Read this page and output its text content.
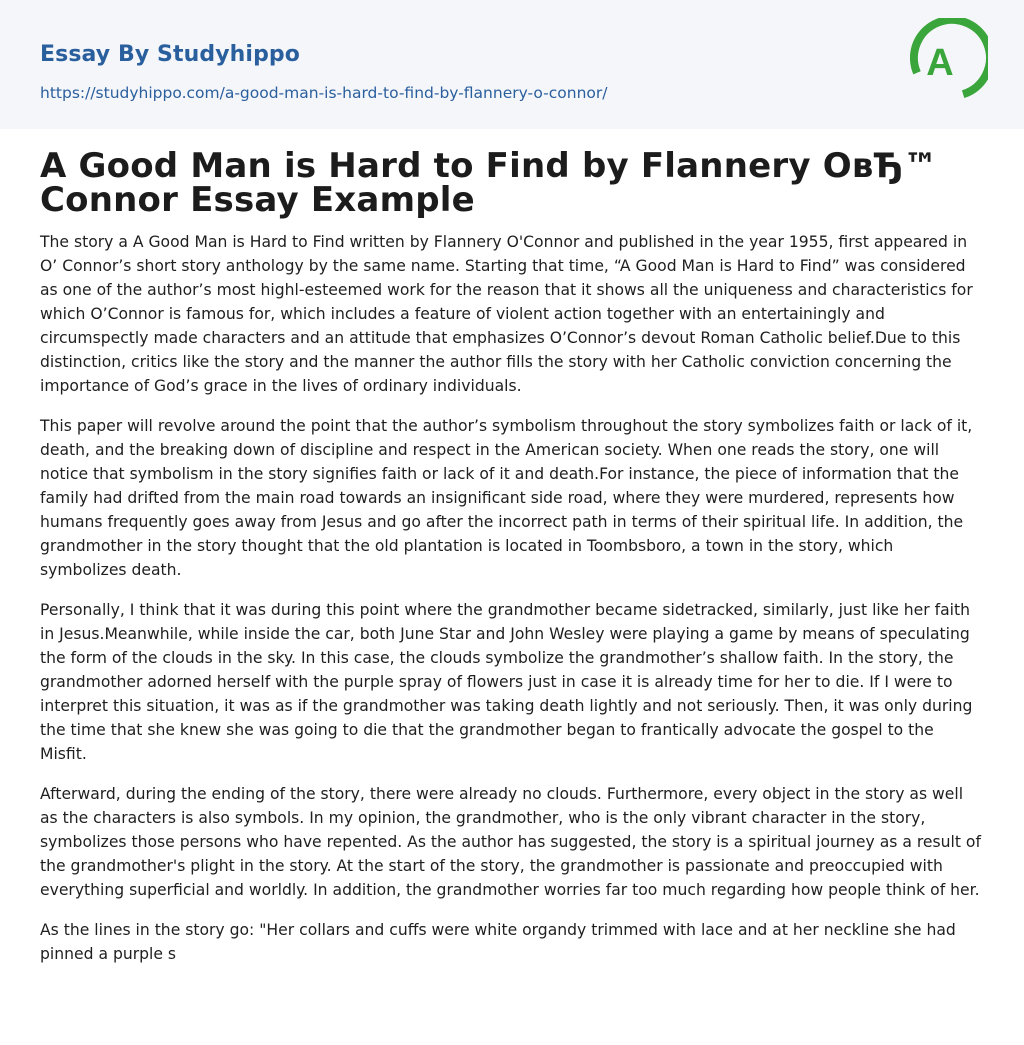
Essay By Studyhippo
https://studyhippo.com/a-good-man-is-hard-to-find-by-flannery-o-connor/
A
A Good Man is Hard to Find by Flannery OвЂ™ Connor Essay Example

The story a A Good Man is Hard to Find written by Flannery O'Connor and published in the year 1955, first appeared in O’ Connor’s short story anthology by the same name. Starting that time, “A Good Man is Hard to Find” was considered as one of the author’s most highl-esteemed work for the reason that it shows all the uniqueness and characteristics for which O’Connor is famous for, which includes a feature of violent action together with an entertainingly and circumspectly made characters and an attitude that emphasizes O’Connor’s devout Roman Catholic belief.Due to this distinction, critics like the story and the manner the author fills the story with her Catholic conviction concerning the importance of God’s grace in the lives of ordinary individuals.

This paper will revolve around the point that the author’s symbolism throughout the story symbolizes faith or lack of it, death, and the breaking down of discipline and respect in the American society. When one reads the story, one will notice that symbolism in the story signifies faith or lack of it and death.For instance, the piece of information that the family had drifted from the main road towards an insignificant side road, where they were murdered, represents how humans frequently goes away from Jesus and go after the incorrect path in terms of their spiritual life. In addition, the grandmother in the story thought that the old plantation is located in Toombsboro, a town in the story, which symbolizes death.

Personally, I think that it was during this point where the grandmother became sidetracked, similarly, just like her faith in Jesus.Meanwhile, while inside the car, both June Star and John Wesley were playing a game by means of speculating the form of the clouds in the sky. In this case, the clouds symbolize the grandmother’s shallow faith. In the story, the grandmother adorned herself with the purple spray of flowers just in case it is already time for her to die. If I were to interpret this situation, it was as if the grandmother was taking death lightly and not seriously. Then, it was only during the time that she knew she was going to die that the grandmother began to frantically advocate the gospel to the Misfit.

Afterward, during the ending of the story, there were already no clouds. Furthermore, every object in the story as well as the characters is also symbols. In my opinion, the grandmother, who is the only vibrant character in the story, symbolizes those persons who have repented. As the author has suggested, the story is a spiritual journey as a result of the grandmother's plight in the story. At the start of the story, the grandmother is passionate and preoccupied with everything superficial and worldly. In addition, the grandmother worries far too much regarding how people think of her.

As the lines in the story go: "Her collars and cuffs were white organdy trimmed with lace and at her neckline she had pinned a purple s
